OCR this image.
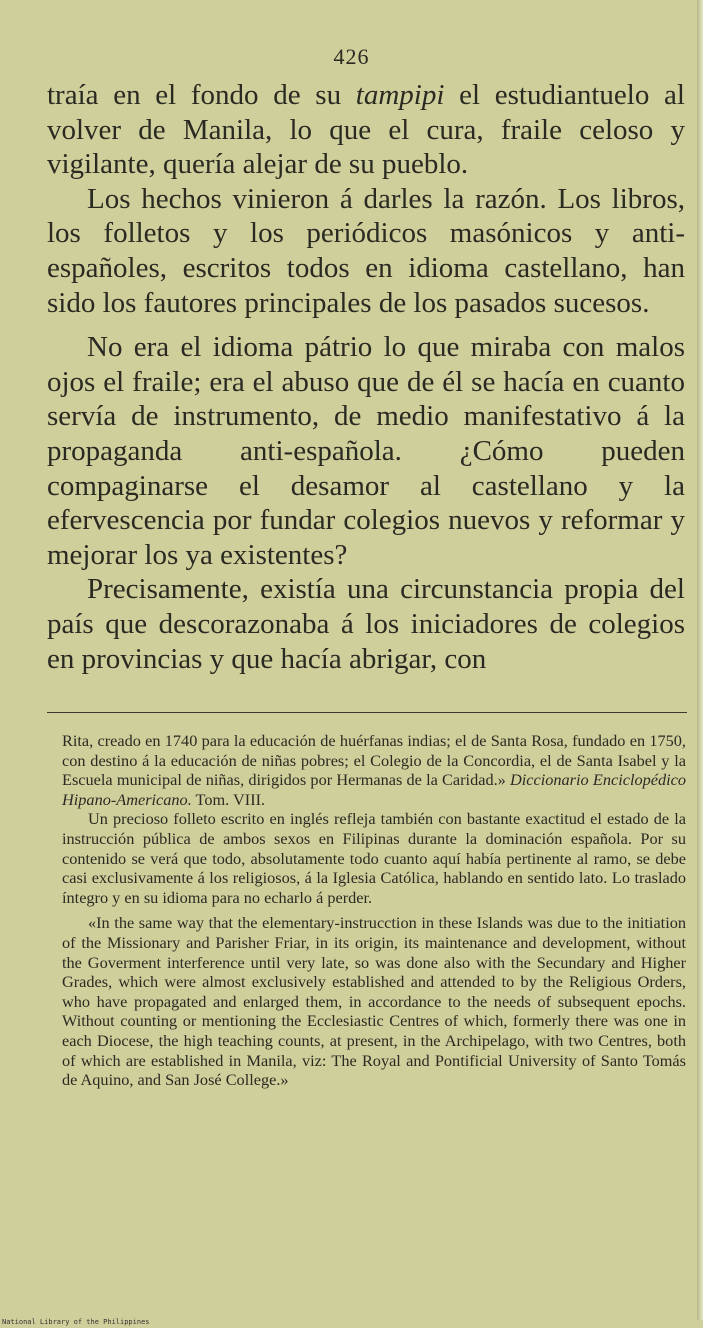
426

traía en el fondo de su tampipi el estudiantuelo al volver de Manila, lo que el cura, fraile celoso y vigilante, quería alejar de su pueblo.

Los hechos vinieron á darles la razón. Los libros, los folletos y los periódicos masónicos y anti-españoles, escritos todos en idioma castellano, han sido los fautores principales de los pasados sucesos.

No era el idioma pátrio lo que miraba con malos ojos el fraile; era el abuso que de él se hacía en cuanto servía de instrumento, de medio manifestativo á la propaganda anti-española. ¿Cómo pueden compaginarse el desamor al castellano y la efervescencia por fundar colegios nuevos y reformar y mejorar los ya existentes?

Precisamente, existía una circunstancia propia del país que descorazonaba á los iniciadores de colegios en provincias y que hacía abrigar, con

Rita, creado en 1740 para la educación de huérfanas indias; el de Santa Rosa, fundado en 1750, con destino á la educación de niñas pobres; el Colegio de la Concordia, el de Santa Isabel y la Escuela municipal de niñas, dirigidos por Hermanas de la Caridad.» Diccionario Enciclopédico Hipano-Americano. Tom. VIII.

Un precioso folleto escrito en inglés refleja también con bastante exactitud el estado de la instrucción pública de ambos sexos en Filipinas durante la dominación española. Por su contenido se verá que todo, absolutamente todo cuanto aquí había pertinente al ramo, se debe casi exclusivamente á los religiosos, á la Iglesia Católica, hablando en sentido lato. Lo traslado íntegro y en su idioma para no echarlo á perder.

«In the same way that the elementary-instrucction in these Islands was due to the initiation of the Missionary and Parisher Friar, in its origin, its maintenance and development, without the Goverment interference until very late, so was done also with the Secundary and Higher Grades, which were almost exclusively established and attended to by the Religious Orders, who have propagated and enlarged them, in accordance to the needs of subsequent epochs. Without counting or mentioning the Ecclesiastic Centres of which, formerly there was one in each Diocese, the high teaching counts, at present, in the Archipelago, with two Centres, both of which are established in Manila, viz: The Royal and Pontificial University of Santo Tomás de Aquino, and San José College.»

National Library of the Philippines
